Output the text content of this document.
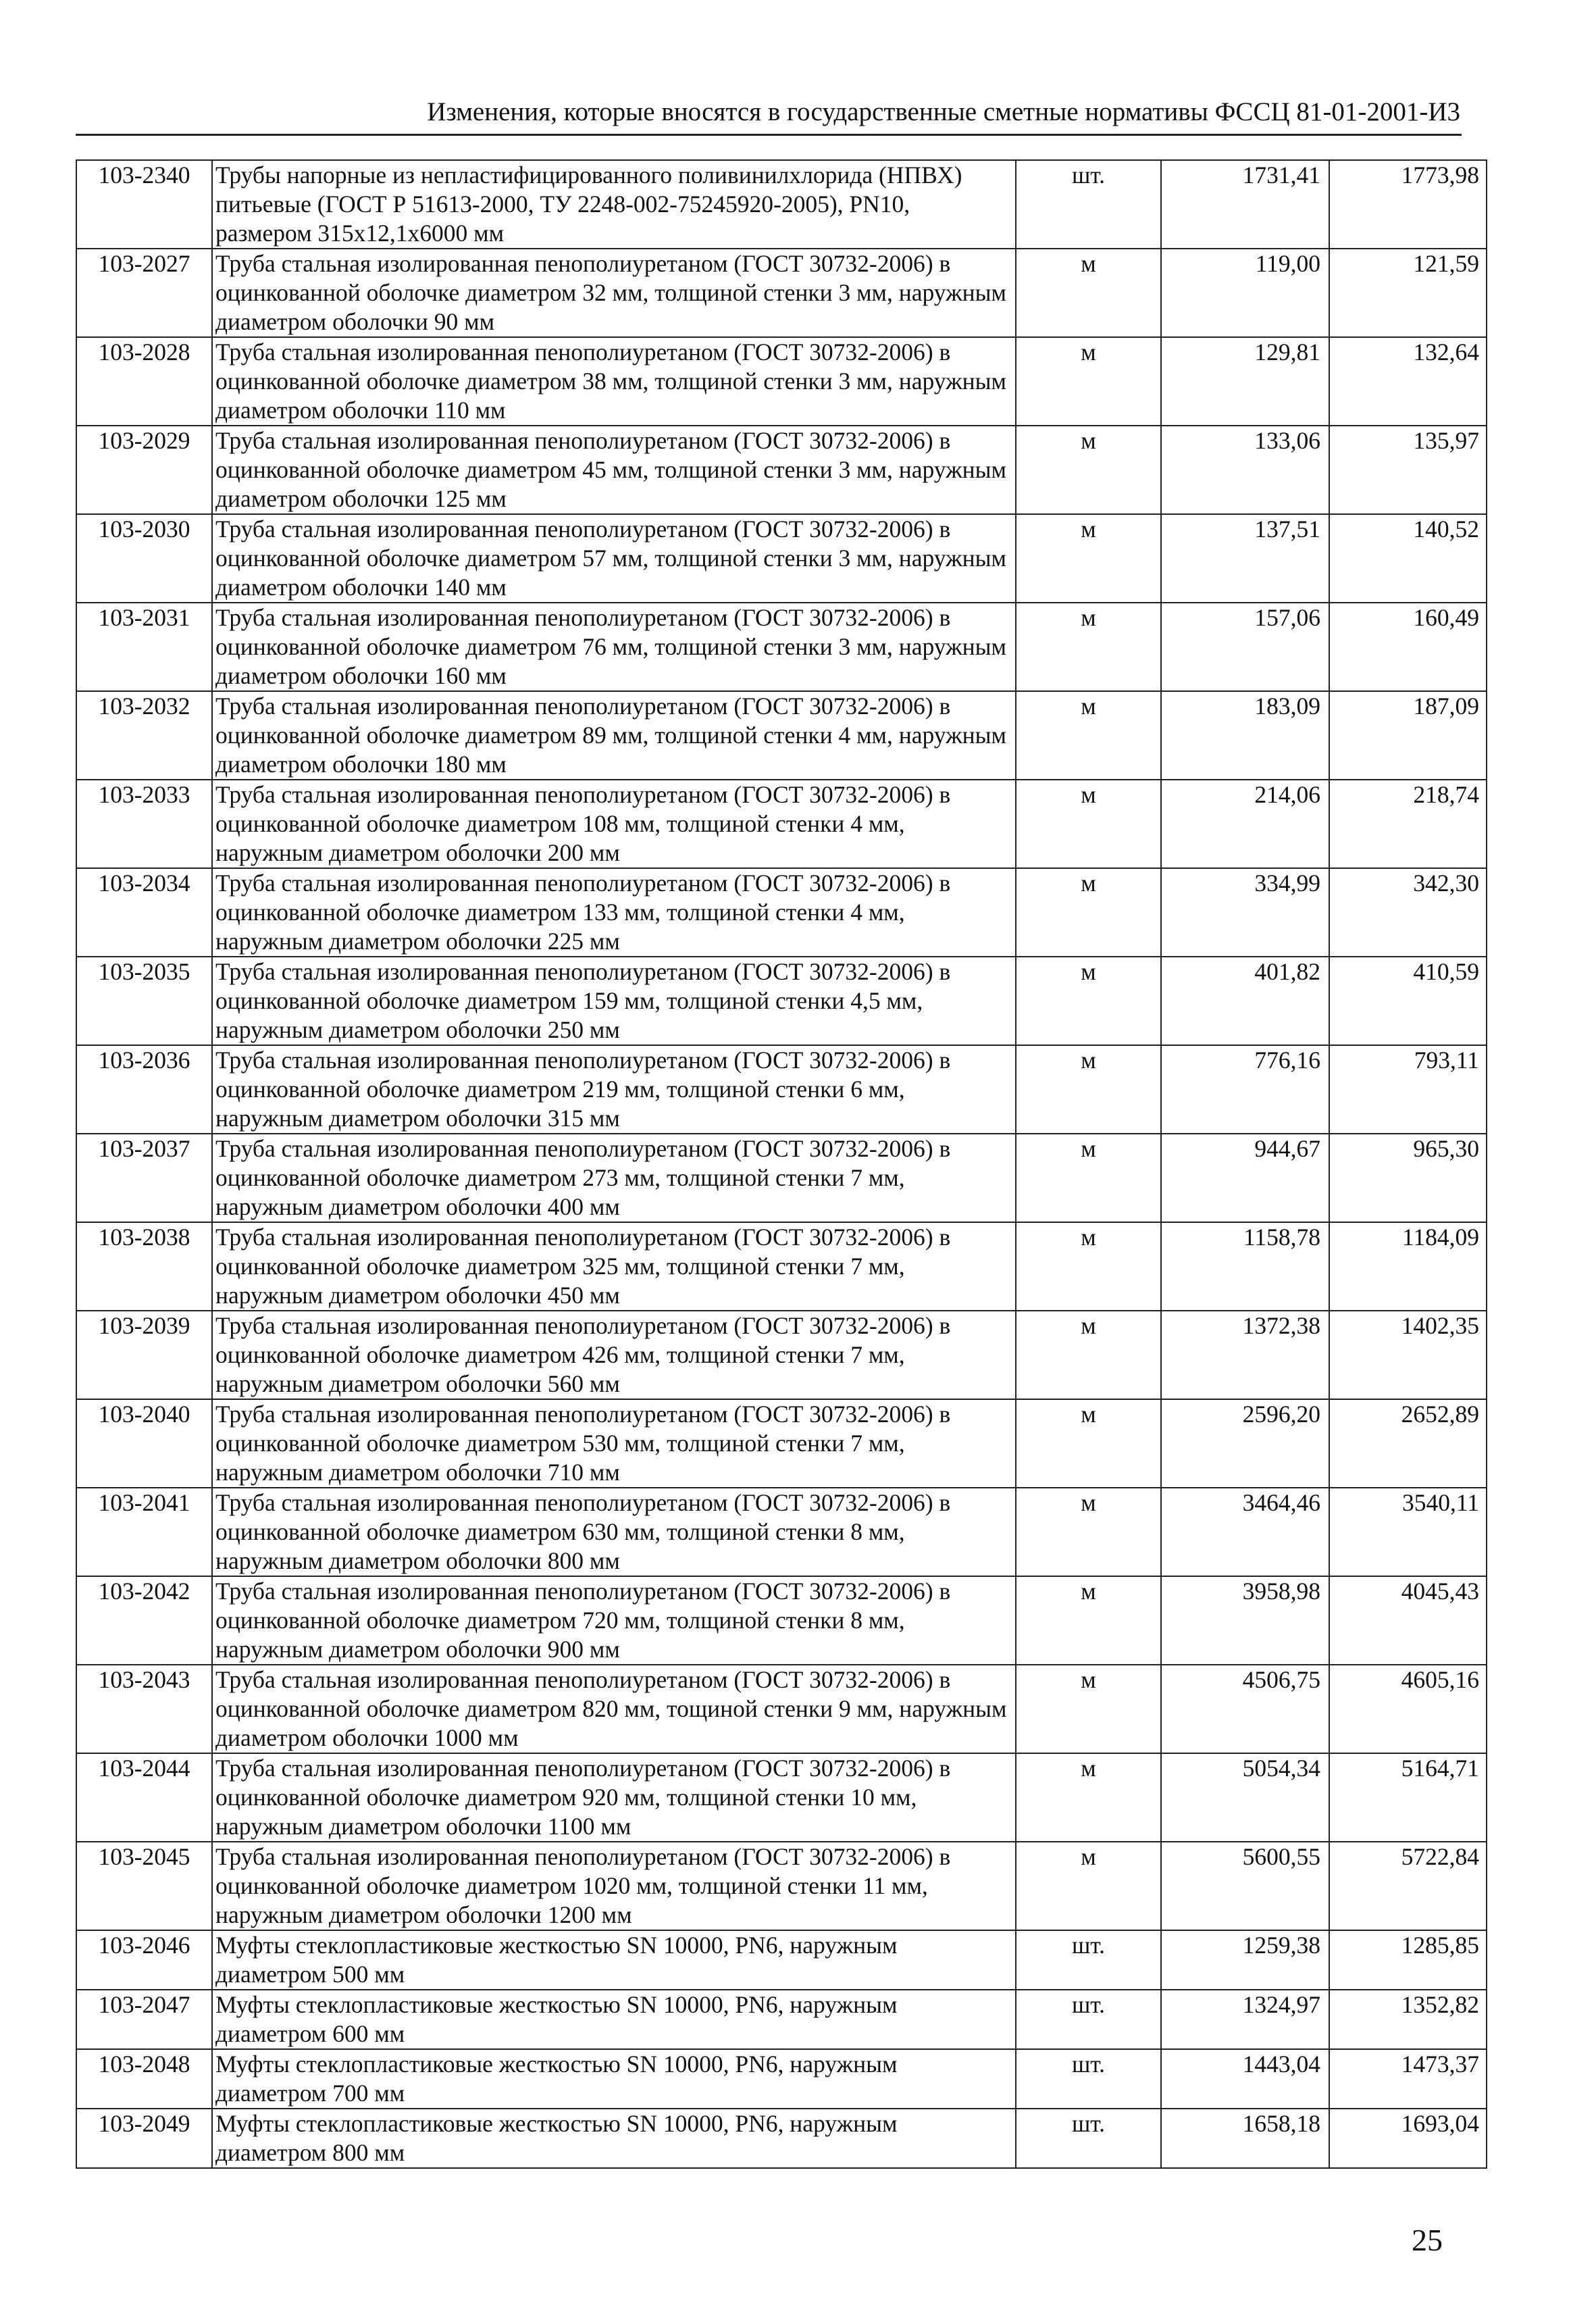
Изменения, которые вносятся в государственные сметные нормативы ФССЦ 81-01-2001-И3
103-2340	Трубы напорные из непластифицированного поливинилхлорида (НПВХ) питьевые (ГОСТ Р 51613-2000, ТУ 2248-002-75245920-2005), PN10, размером 315х12,1х6000 мм	шт.	1731,41	1773,98
103-2027	Труба стальная изолированная пенополиуретаном (ГОСТ 30732-2006) в оцинкованной оболочке диаметром 32 мм, толщиной стенки 3 мм, наружным диаметром оболочки 90 мм	м	119,00	121,59
103-2028	Труба стальная изолированная пенополиуретаном (ГОСТ 30732-2006) в оцинкованной оболочке диаметром 38 мм, толщиной стенки 3 мм, наружным диаметром оболочки 110 мм	м	129,81	132,64
103-2029	Труба стальная изолированная пенополиуретаном (ГОСТ 30732-2006) в оцинкованной оболочке диаметром 45 мм, толщиной стенки 3 мм, наружным диаметром оболочки 125 мм	м	133,06	135,97
103-2030	Труба стальная изолированная пенополиуретаном (ГОСТ 30732-2006) в оцинкованной оболочке диаметром 57 мм, толщиной стенки 3 мм, наружным диаметром оболочки 140 мм	м	137,51	140,52
103-2031	Труба стальная изолированная пенополиуретаном (ГОСТ 30732-2006) в оцинкованной оболочке диаметром 76 мм, толщиной стенки 3 мм, наружным диаметром оболочки 160 мм	м	157,06	160,49
103-2032	Труба стальная изолированная пенополиуретаном (ГОСТ 30732-2006) в оцинкованной оболочке диаметром 89 мм, толщиной стенки 4 мм, наружным диаметром оболочки 180 мм	м	183,09	187,09
103-2033	Труба стальная изолированная пенополиуретаном (ГОСТ 30732-2006) в оцинкованной оболочке диаметром 108 мм, толщиной стенки 4 мм, наружным диаметром оболочки 200 мм	м	214,06	218,74
103-2034	Труба стальная изолированная пенополиуретаном (ГОСТ 30732-2006) в оцинкованной оболочке диаметром 133 мм, толщиной стенки 4 мм, наружным диаметром оболочки 225 мм	м	334,99	342,30
103-2035	Труба стальная изолированная пенополиуретаном (ГОСТ 30732-2006) в оцинкованной оболочке диаметром 159 мм, толщиной стенки 4,5 мм, наружным диаметром оболочки 250 мм	м	401,82	410,59
103-2036	Труба стальная изолированная пенополиуретаном (ГОСТ 30732-2006) в оцинкованной оболочке диаметром 219 мм, толщиной стенки 6 мм, наружным диаметром оболочки 315 мм	м	776,16	793,11
103-2037	Труба стальная изолированная пенополиуретаном (ГОСТ 30732-2006) в оцинкованной оболочке диаметром 273 мм, толщиной стенки 7 мм, наружным диаметром оболочки 400 мм	м	944,67	965,30
103-2038	Труба стальная изолированная пенополиуретаном (ГОСТ 30732-2006) в оцинкованной оболочке диаметром 325 мм, толщиной стенки 7 мм, наружным диаметром оболочки 450 мм	м	1158,78	1184,09
103-2039	Труба стальная изолированная пенополиуретаном (ГОСТ 30732-2006) в оцинкованной оболочке диаметром 426 мм, толщиной стенки 7 мм, наружным диаметром оболочки 560 мм	м	1372,38	1402,35
103-2040	Труба стальная изолированная пенополиуретаном (ГОСТ 30732-2006) в оцинкованной оболочке диаметром 530 мм, толщиной стенки 7 мм, наружным диаметром оболочки 710 мм	м	2596,20	2652,89
103-2041	Труба стальная изолированная пенополиуретаном (ГОСТ 30732-2006) в оцинкованной оболочке диаметром 630 мм, толщиной стенки 8 мм, наружным диаметром оболочки 800 мм	м	3464,46	3540,11
103-2042	Труба стальная изолированная пенополиуретаном (ГОСТ 30732-2006) в оцинкованной оболочке диаметром 720 мм, толщиной стенки 8 мм, наружным диаметром оболочки 900 мм	м	3958,98	4045,43
103-2043	Труба стальная изолированная пенополиуретаном (ГОСТ 30732-2006) в оцинкованной оболочке диаметром 820 мм, тощиной стенки 9 мм, наружным диаметром оболочки 1000 мм	м	4506,75	4605,16
103-2044	Труба стальная изолированная пенополиуретаном (ГОСТ 30732-2006) в оцинкованной оболочке диаметром 920 мм, толщиной стенки 10 мм, наружным диаметром оболочки 1100 мм	м	5054,34	5164,71
103-2045	Труба стальная изолированная пенополиуретаном (ГОСТ 30732-2006) в оцинкованной оболочке диаметром 1020 мм, толщиной стенки 11 мм, наружным диаметром оболочки 1200 мм	м	5600,55	5722,84
103-2046	Муфты стеклопластиковые жесткостью SN 10000, PN6, наружным диаметром 500 мм	шт.	1259,38	1285,85
103-2047	Муфты стеклопластиковые жесткостью SN 10000, PN6, наружным диаметром 600 мм	шт.	1324,97	1352,82
103-2048	Муфты стеклопластиковые жесткостью SN 10000, PN6, наружным диаметром 700 мм	шт.	1443,04	1473,37
103-2049	Муфты стеклопластиковые жесткостью SN 10000, PN6, наружным диаметром 800 мм	шт.	1658,18	1693,04
25
